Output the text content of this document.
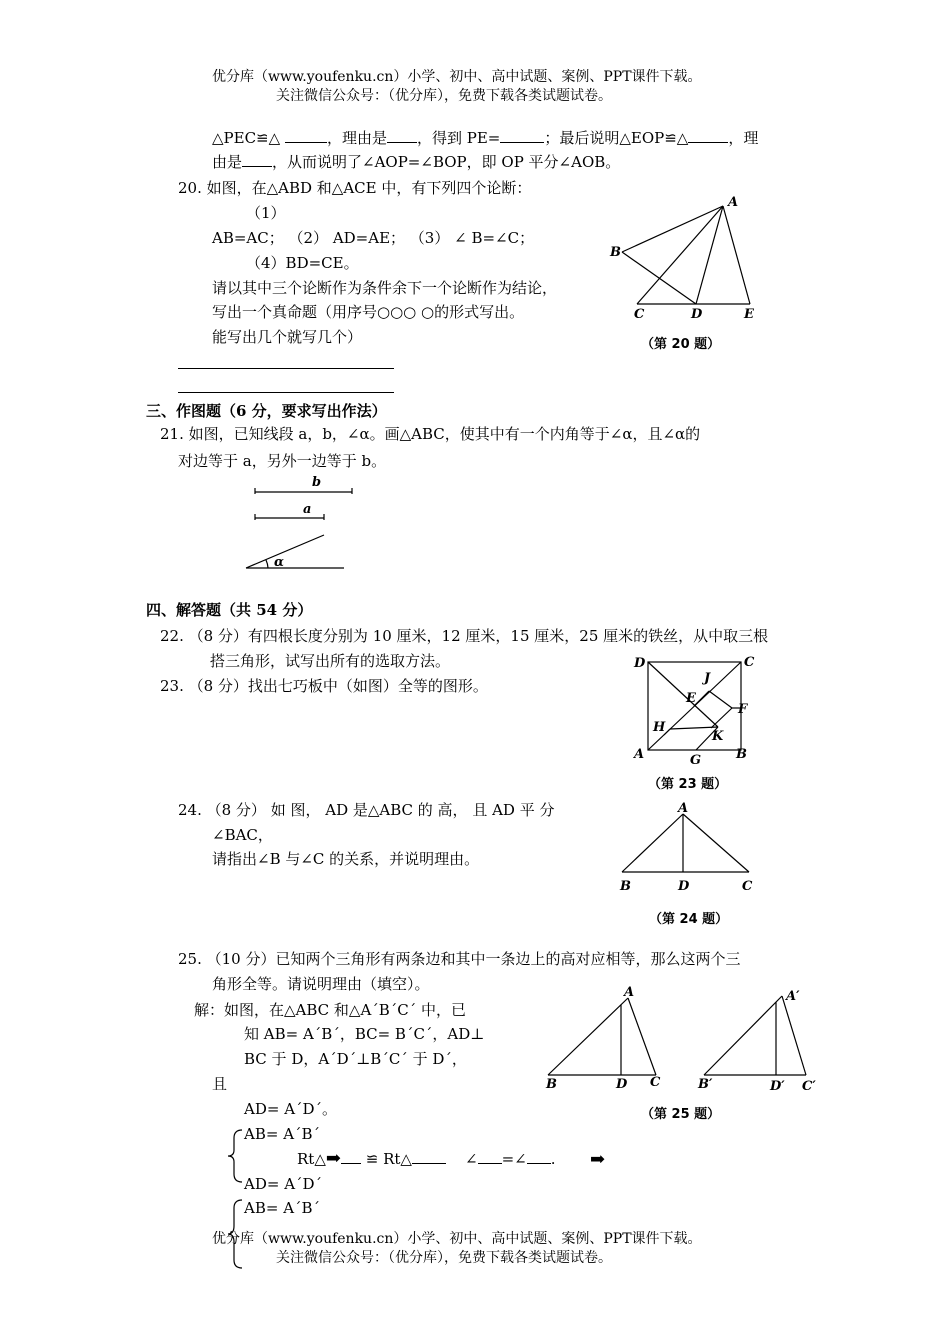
优分库（www.youfenku.cn）小学、初中、高中试题、案例、PPT课件下载。
关注微信公众号：（优分库），免费下载各类试题试卷。
△PEC≌△	，理由是 ，得到 PE=	；最后说明△EOP≌△	，理
由是 ，从而说明了∠AOP=∠BOP，即 OP 平分∠AOB。
20. 如图，在△ABD 和△ACE 中，有下列四个论断：
（1）
AB=AC； （2） AD=AE； （3） ∠ B=∠C；
（4）BD=CE。
请以其中三个论断作为条件余下一个论断作为结论，
写出一个真命题（用序号○○○ ○的形式写出。
能写出几个就写几个）
A
B
C	D	E
（第 20 题）
三、作图题（6 分，要求写出作法）
21. 如图，已知线段 a，b，∠α。画△ABC，使其中有一个内角等于∠α，且∠α的
对边等于 a，另外一边等于 b。
b
a
α
四、解答题（共 54 分）
22. （8 分）有四根长度分别为 10 厘米，12 厘米，15 厘米，25 厘米的铁丝，从中取三根
搭三角形，试写出所有的选取方法。
23. （8 分）找出七巧板中（如图）全等的图形。
D	C
J
E
F
H
K
A	G	B
（第 23 题）
24. （8 分） 如 图， AD 是△ABC 的 高， 且 AD 平 分
∠BAC，
请指出∠B 与∠C 的关系，并说明理由。
A
B	D	C
（第 24 题）
25. （10 分）已知两个三角形有两条边和其中一条边上的高对应相等，那么这两个三
角形全等。请说明理由（填空）。
解：如图，在△ABC 和△A´B´C´ 中，已
知 AB= A´B´，BC= B´C´，AD⊥
BC 于 D，A´D´⊥B´C´ 于 D´，
且
AD= A´D´。
AB= A´B´
Rt△➡ ≌ Rt△	∠ =∠ . ➡
AD= A´D´
AB= A´B´
A
B	D C
A′
B′	D′ C′
（第 25 题）
优分库（www.youfenku.cn）小学、初中、高中试题、案例、PPT课件下载。
关注微信公众号：（优分库），免费下载各类试题试卷。
